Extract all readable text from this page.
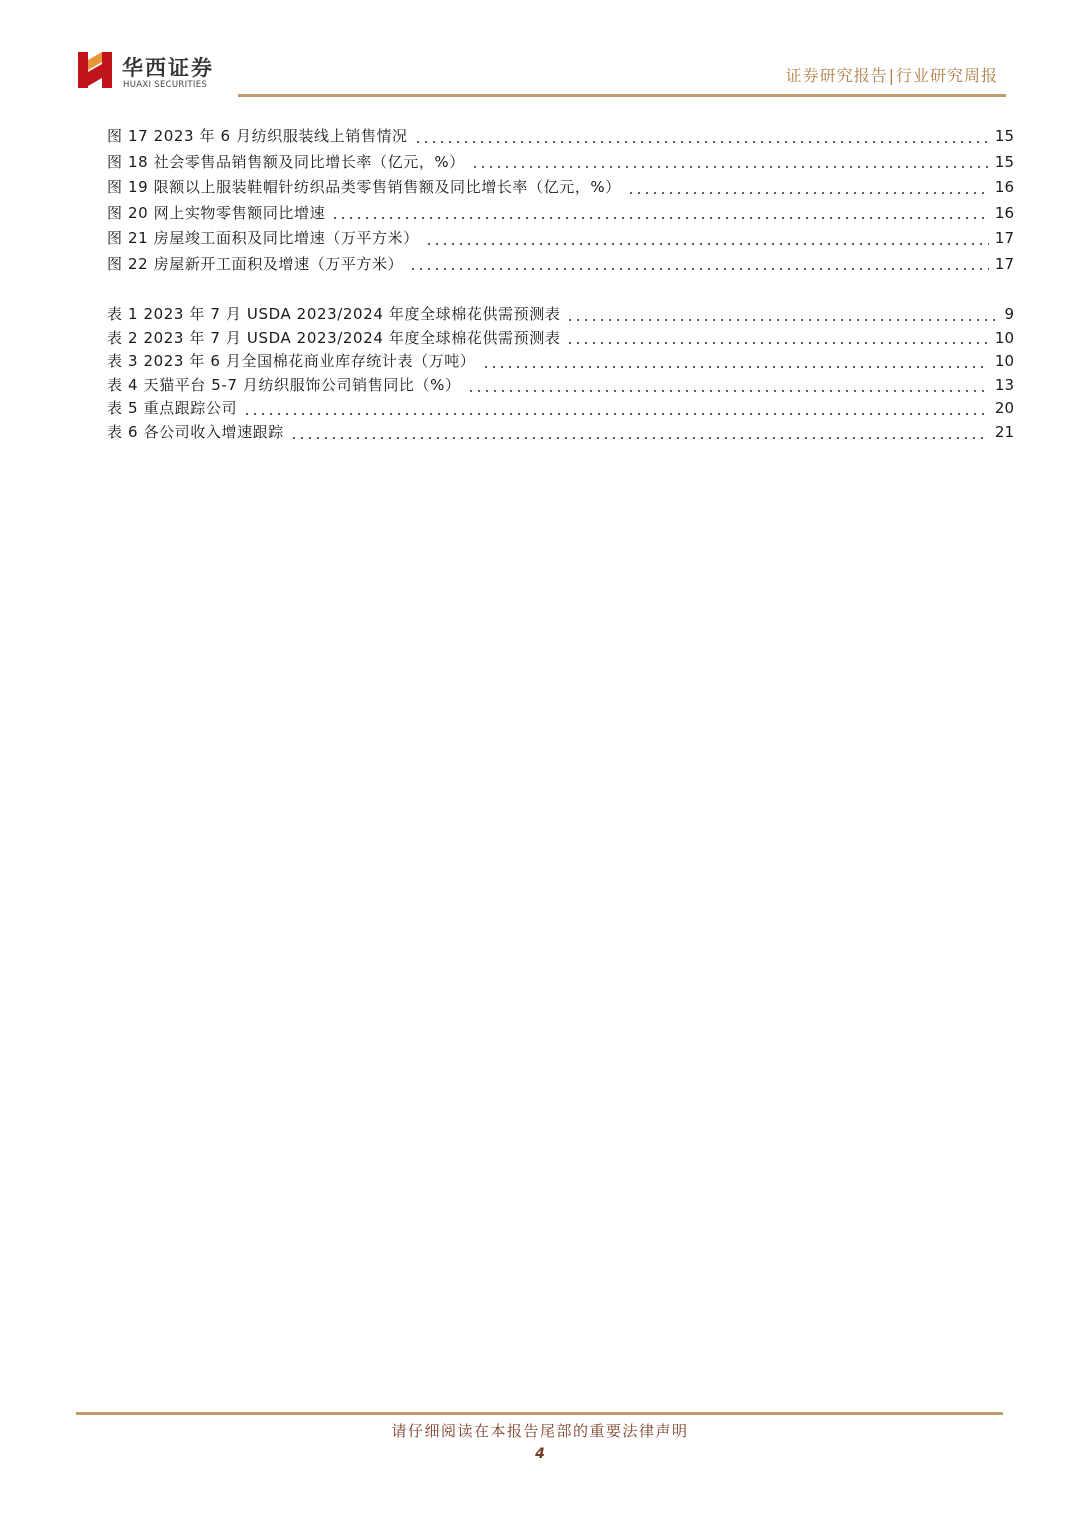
华西证券
HUAXI SECURITIES	证券研究报告|行业研究周报
图 17 2023 年 6 月纺织服装线上销售情况	15
图 18 社会零售品销售额及同比增长率（亿元，%）	15
图 19 限额以上服装鞋帽针纺织品类零售销售额及同比增长率（亿元，%）	16
图 20 网上实物零售额同比增速	16
图 21 房屋竣工面积及同比增速（万平方米）	17
图 22 房屋新开工面积及增速（万平方米）	17
表 1 2023 年 7 月 USDA 2023/2024 年度全球棉花供需预测表	9
表 2 2023 年 7 月 USDA 2023/2024 年度全球棉花供需预测表	10
表 3 2023 年 6 月全国棉花商业库存统计表（万吨）	10
表 4 天猫平台 5-7 月纺织服饰公司销售同比（%）	13
表 5 重点跟踪公司	20
表 6 各公司收入增速跟踪	21
请仔细阅读在本报告尾部的重要法律声明
4
